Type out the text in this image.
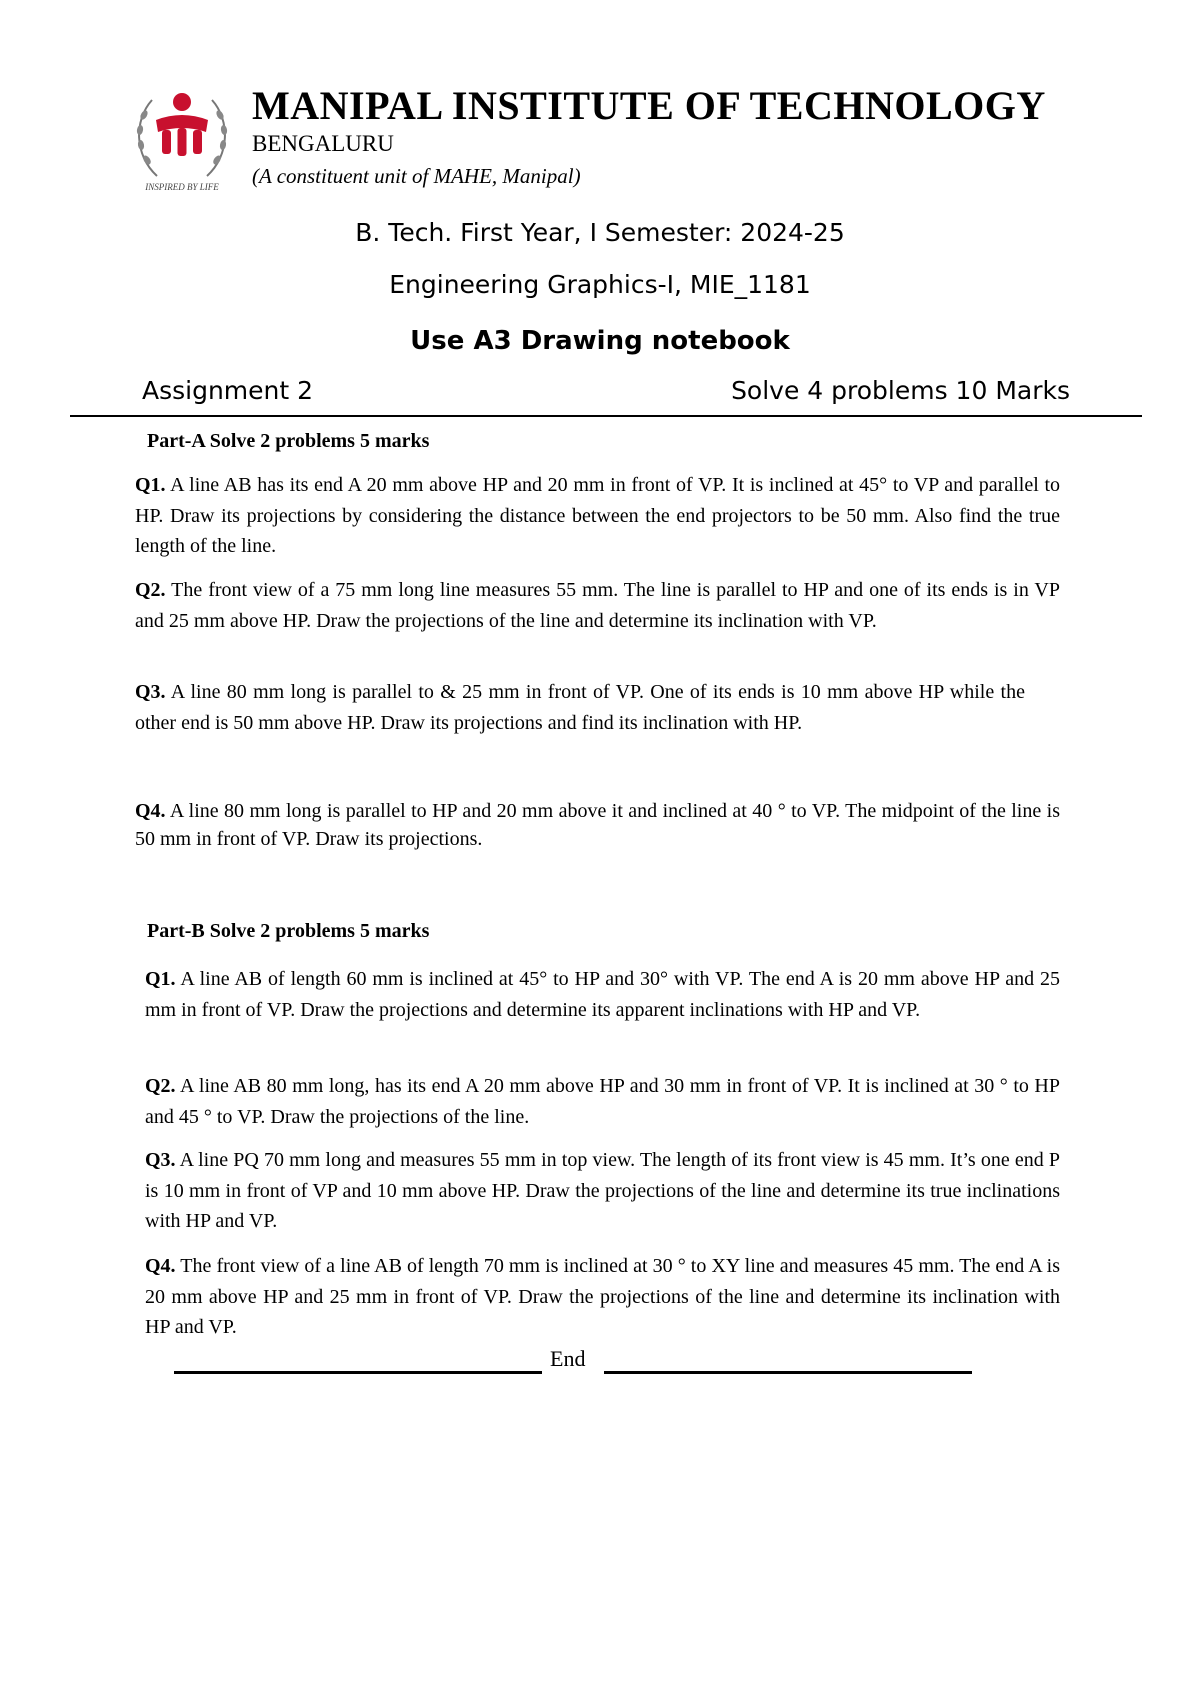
INSPIRED BY LIFE
MANIPAL INSTITUTE OF TECHNOLOGY
BENGALURU
(A constituent unit of MAHE, Manipal)
B. Tech. First Year, I Semester: 2024-25
Engineering Graphics-I, MIE_1181
Use A3 Drawing notebook
Assignment 2	Solve 4 problems 10 Marks
Part-A Solve 2 problems 5 marks

Q1. A line AB has its end A 20 mm above HP and 20 mm in front of VP. It is inclined at 45° to VP and parallel to HP. Draw its projections by considering the distance between the end projectors to be 50 mm. Also find the true length of the line.

Q2. The front view of a 75 mm long line measures 55 mm. The line is parallel to HP and one of its ends is in VP and 25 mm above HP. Draw the projections of the line and determine its inclination with VP.

Q3. A line 80 mm long is parallel to & 25 mm in front of VP. One of its ends is 10 mm above HP while the other end is 50 mm above HP. Draw its projections and find its inclination with HP.

Q4. A line 80 mm long is parallel to HP and 20 mm above it and inclined at 40 ° to VP. The midpoint of the line is 50 mm in front of VP. Draw its projections.

Part-B Solve 2 problems 5 marks

Q1. A line AB of length 60 mm is inclined at 45° to HP and 30° with VP. The end A is 20 mm above HP and 25 mm in front of VP. Draw the projections and determine its apparent inclinations with HP and VP.

Q2. A line AB 80 mm long, has its end A 20 mm above HP and 30 mm in front of VP. It is inclined at 30 ° to HP and 45 ° to VP. Draw the projections of the line.

Q3. A line PQ 70 mm long and measures 55 mm in top view. The length of its front view is 45 mm. It’s one end P is 10 mm in front of VP and 10 mm above HP. Draw the projections of the line and determine its true inclinations with HP and VP.

Q4. The front view of a line AB of length 70 mm is inclined at 30 ° to XY line and measures 45 mm. The end A is 20 mm above HP and 25 mm in front of VP. Draw the projections of the line and determine its inclination with HP and VP.

End
